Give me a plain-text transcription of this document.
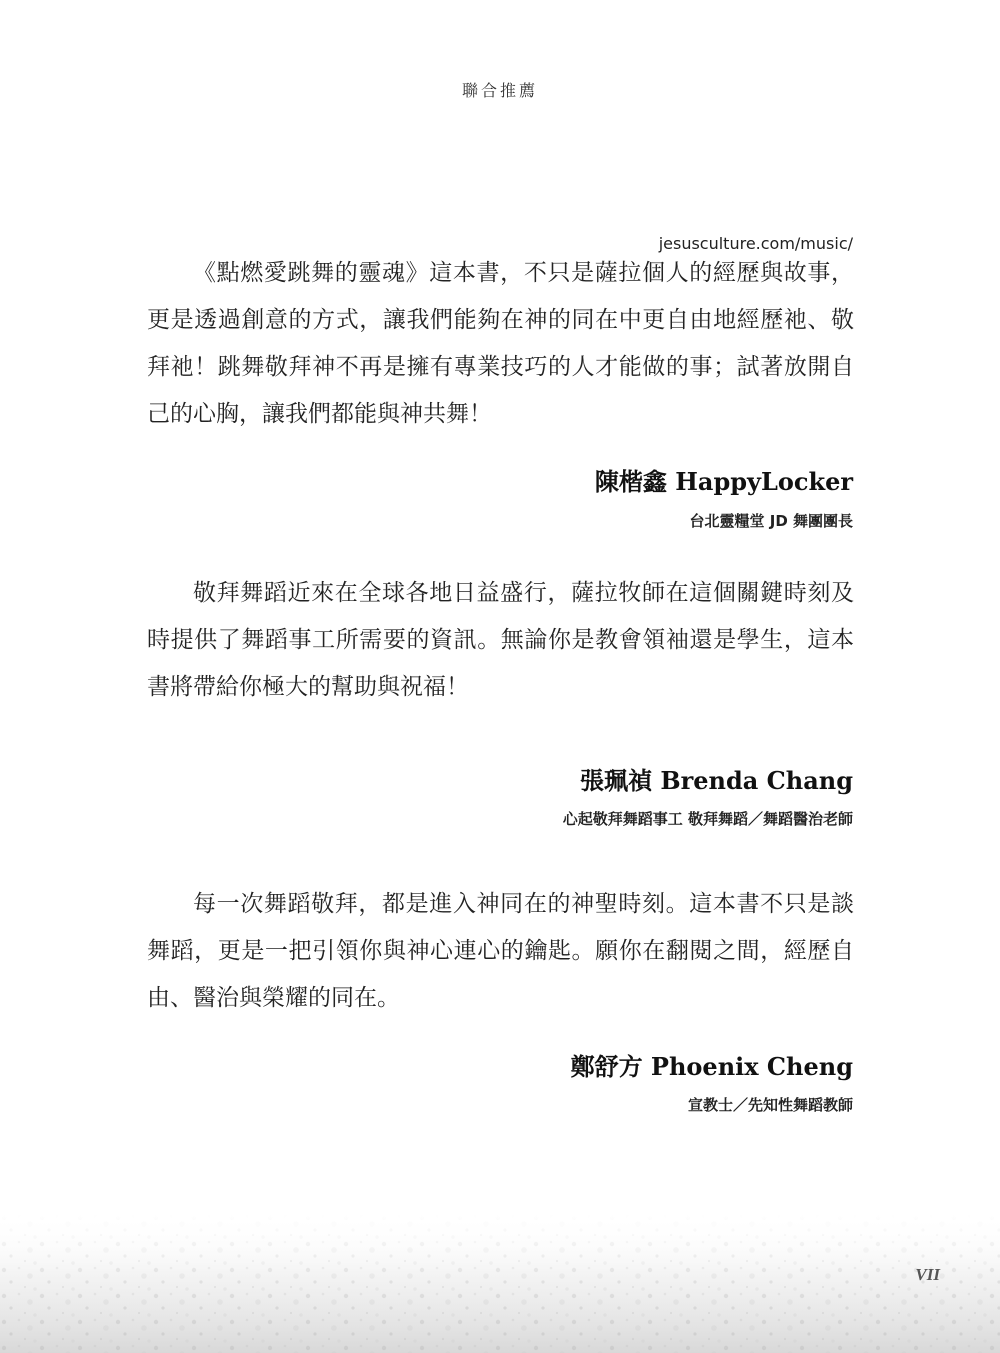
聯合推薦
jesusculture.com/music/

《點燃愛跳舞的靈魂》這本書，不只是薩拉個人的經歷與故事，更是透過創意的方式，讓我們能夠在神的同在中更自由地經歷祂、敬拜祂！跳舞敬拜神不再是擁有專業技巧的人才能做的事；試著放開自己的心胸，讓我們都能與神共舞！

陳楷鑫 HappyLocker
台北靈糧堂 JD 舞團團長

敬拜舞蹈近來在全球各地日益盛行，薩拉牧師在這個關鍵時刻及時提供了舞蹈事工所需要的資訊。無論你是教會領袖還是學生，這本書將帶給你極大的幫助與祝福！

張珮禎 Brenda Chang
心起敬拜舞蹈事工 敬拜舞蹈／舞蹈醫治老師

每一次舞蹈敬拜，都是進入神同在的神聖時刻。這本書不只是談舞蹈，更是一把引領你與神心連心的鑰匙。願你在翻閱之間，經歷自由、醫治與榮耀的同在。

鄭舒方 Phoenix Cheng
宣教士／先知性舞蹈教師
VII
